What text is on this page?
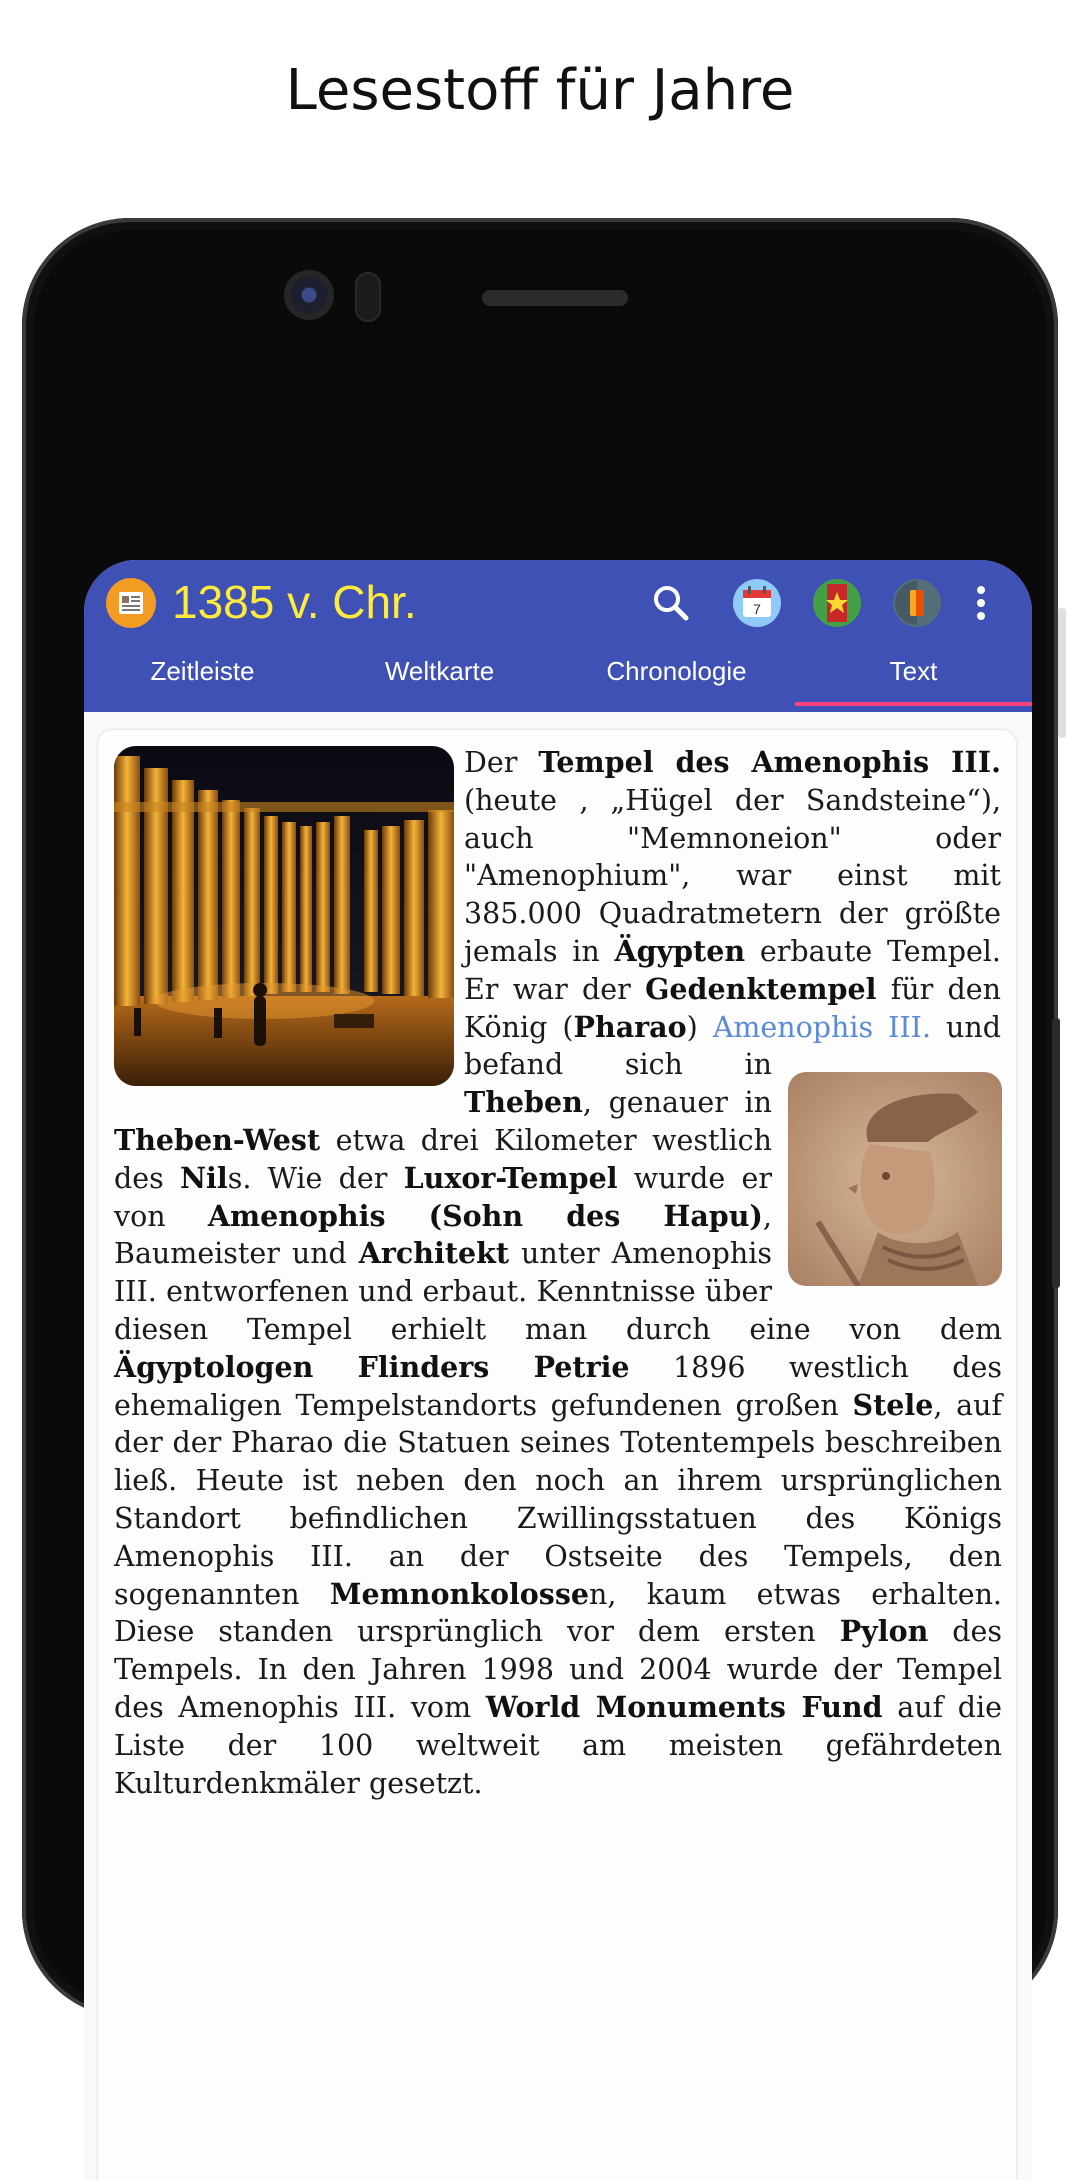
Lesestoff für Jahre
1385 v. Chr.	7
Zeitleiste	Weltkarte	Chronologie	Text
Der Tempel des Amenophis III. (heute ‚ „Hügel der Sandsteine“), auch "Memnoneion" oder "Amenophium", war einst mit 385.000 Quadratmetern der größte jemals in Ägypten erbaute Tempel. Er war der Gedenktempel für den König (Pharao) Amenophis III. und befand sich in Theben, genauer in Theben-West etwa drei Kilometer westlich des Nils. Wie der Luxor-Tempel wurde er von Amenophis (Sohn des Hapu), Baumeister und Architekt unter Amenophis III. entworfenen und erbaut. Kenntnisse über diesen Tempel erhielt man durch eine von dem Ägyptologen Flinders Petrie 1896 westlich des ehemaligen Tempelstandorts gefundenen großen Stele, auf der der Pharao die Statuen seines Totentempels beschreiben ließ. Heute ist neben den noch an ihrem ursprünglichen Standort befindlichen Zwillingsstatuen des Königs Amenophis III. an der Ostseite des Tempels, den sogenannten Memnonkolossen, kaum etwas erhalten. Diese standen ursprünglich vor dem ersten Pylon des Tempels. In den Jahren 1998 und 2004 wurde der Tempel des Amenophis III. vom World Monuments Fund auf die Liste der 100 weltweit am meisten gefährdeten Kulturdenkmäler gesetzt.
